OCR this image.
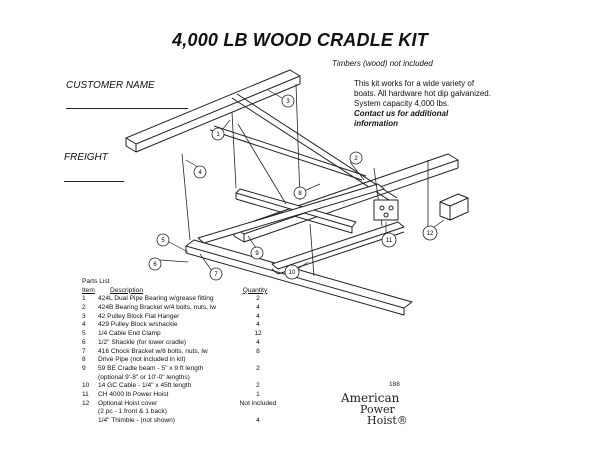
4,000 LB WOOD CRADLE KIT
Timbers (wood) not included
This kit works for a wide variety of
boats. All hardware hot dip galvanized.
System capacity 4,000 lbs.
Contact us for additional
information
CUSTOMER NAME
FREIGHT
1
2
3
4
5
6
7
8
9
10
11
12
Parts List
Item Description	Quantity
1 424L Dual Pipe Bearing w/grease fitting	2
2 424B Bearing Bracket w/4 bolts, nuts, lw	4
3 42 Pulley Block Flat Hanger	4
4 429 Pulley Block w/shackle	4
5 1/4 Cable End Clamp	12
6 1/2" Shackle (for lower cradle)	4
7 416 Chock Bracket w/8 bolts, nuts, lw	8
8 Drive Pipe (not included in kit)
9 59 BE Cradle beam - 5" x 9 ft length	2
(optional 9'-8" or 10'-0" lengths)
10 14 GC Cable - 1/4" x 45ft length	2
11 CH 4000 lb Power Hoist	1
12 Optional Hoist cover	Not included
(2 pc - 1 front & 1 back)
1/4" Thimble - (not shown)	4
188
American
Power
Hoist®
